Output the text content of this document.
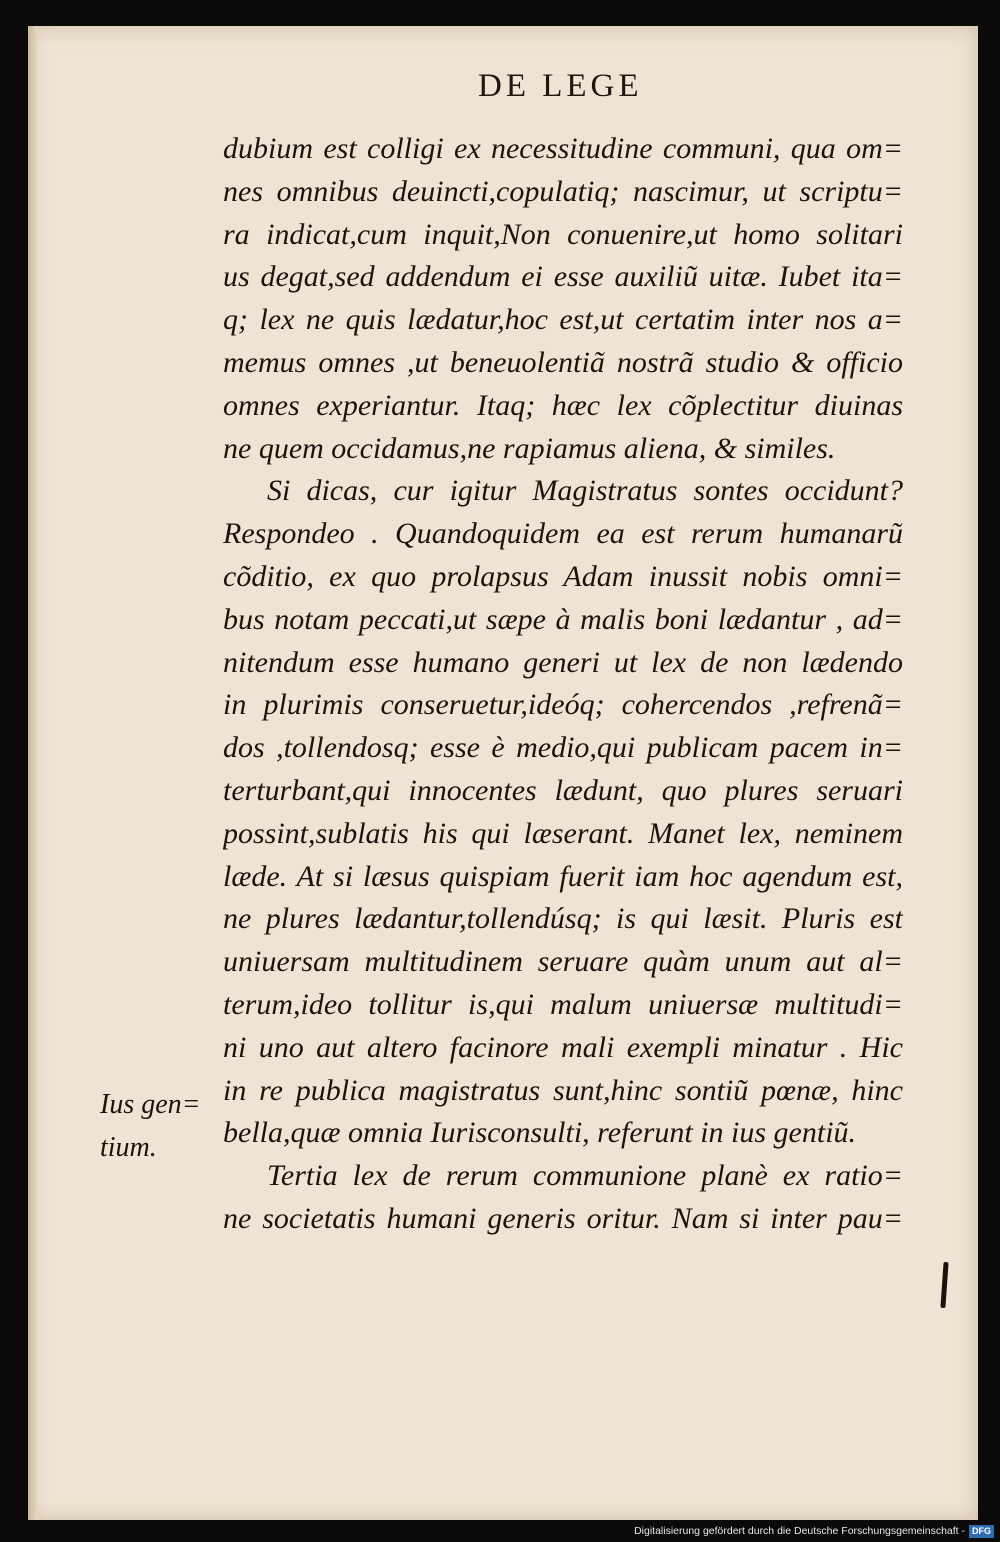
DE LEGE
dubium est colligi ex necessitudine communi, qua om=
nes omnibus deuincti,copulatiq; nascimur, ut scriptu=
ra indicat,cum inquit,Non conuenire,ut homo solitari
us degat,sed addendum ei esse auxiliũ uitæ. Iubet ita=
q; lex ne quis lædatur,hoc est,ut certatim inter nos a=
memus omnes ,ut beneuolentiã nostrã studio & officio
omnes experiantur. Itaq; hæc lex cõplectitur diuinas
ne quem occidamus,ne rapiamus aliena, & similes.
Si dicas, cur igitur Magistratus sontes occidunt?
Respondeo . Quandoquidem ea est rerum humanarũ
cõditio, ex quo prolapsus Adam inussit nobis omni=
bus notam peccati,ut sæpe à malis boni lædantur , ad=
nitendum esse humano generi ut lex de non lædendo
in plurimis conseruetur,ideóq; cohercendos ,refrenã=
dos ,tollendosq; esse è medio,qui publicam pacem in=
terturbant,qui innocentes lædunt, quo plures seruari
possint,sublatis his qui læserant. Manet lex, neminem
læde. At si læsus quispiam fuerit iam hoc agendum est,
ne plures lædantur,tollendúsq; is qui læsit. Pluris est
uniuersam multitudinem seruare quàm unum aut al=
terum,ideo tollitur is,qui malum uniuersæ multitudi=
ni uno aut altero facinore mali exempli minatur . Hic
in re publica magistratus sunt,hinc sontiũ pœnæ, hinc
bella,quæ omnia Iurisconsulti, referunt in ius gentiũ.
Tertia lex de rerum communione planè ex ratio=
ne societatis humani generis oritur. Nam si inter pau=
Ius gen=
tium.
Digitalisierung gefördert durch die Deutsche Forschungsgemeinschaft - DFG
